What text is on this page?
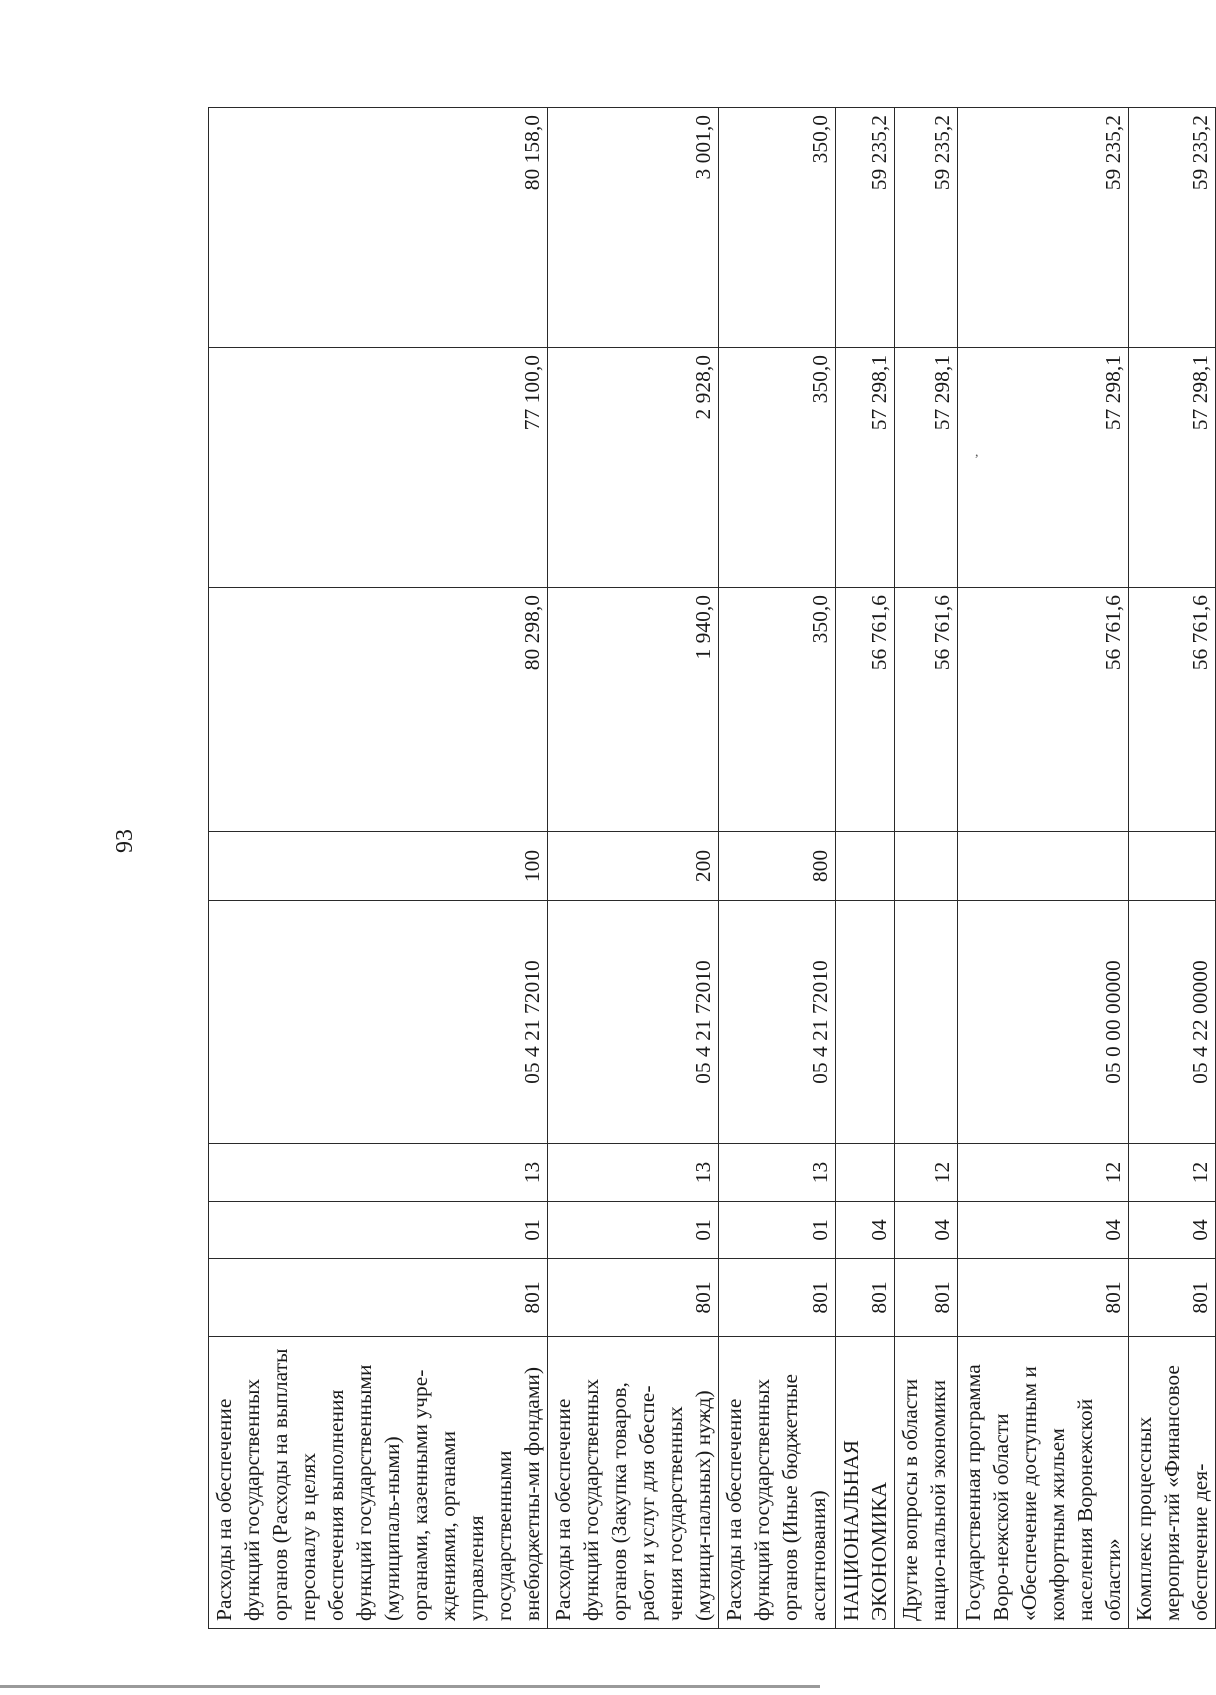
93
,
Расходы на обеспечение функций государственных органов (Расходы на выплаты персоналу в целях обеспечения выполнения функций государственными (муниципаль-ными) органами, казенными учре-ждениями, органами управления государственными внебюджетны-ми фондами)	801	01	13	05 4 21 72010	100	80 298,0	77 100,0	80 158,0
Расходы на обеспечение функций государственных органов (Закупка товаров, работ и услуг для обеспе-чения государственных (муници-пальных) нужд)	801	01	13	05 4 21 72010	200	1 940,0	2 928,0	3 001,0
Расходы на обеспечение функций государственных органов (Иные бюджетные ассигнования)	801	01	13	05 4 21 72010	800	350,0	350,0	350,0
НАЦИОНАЛЬНАЯ ЭКОНОМИКА	801	04				56 761,6	57 298,1	59 235,2
Другие вопросы в области нацио-нальной экономики	801	04	12			56 761,6	57 298,1	59 235,2
Государственная программа Воро-нежской области «Обеспечение доступным и комфортным жильем населения Воронежской области»	801	04	12	05 0 00 00000		56 761,6	57 298,1	59 235,2
Комплекс процессных мероприя-тий «Финансовое обеспечение дея-	801	04	12	05 4 22 00000		56 761,6	57 298,1	59 235,2
